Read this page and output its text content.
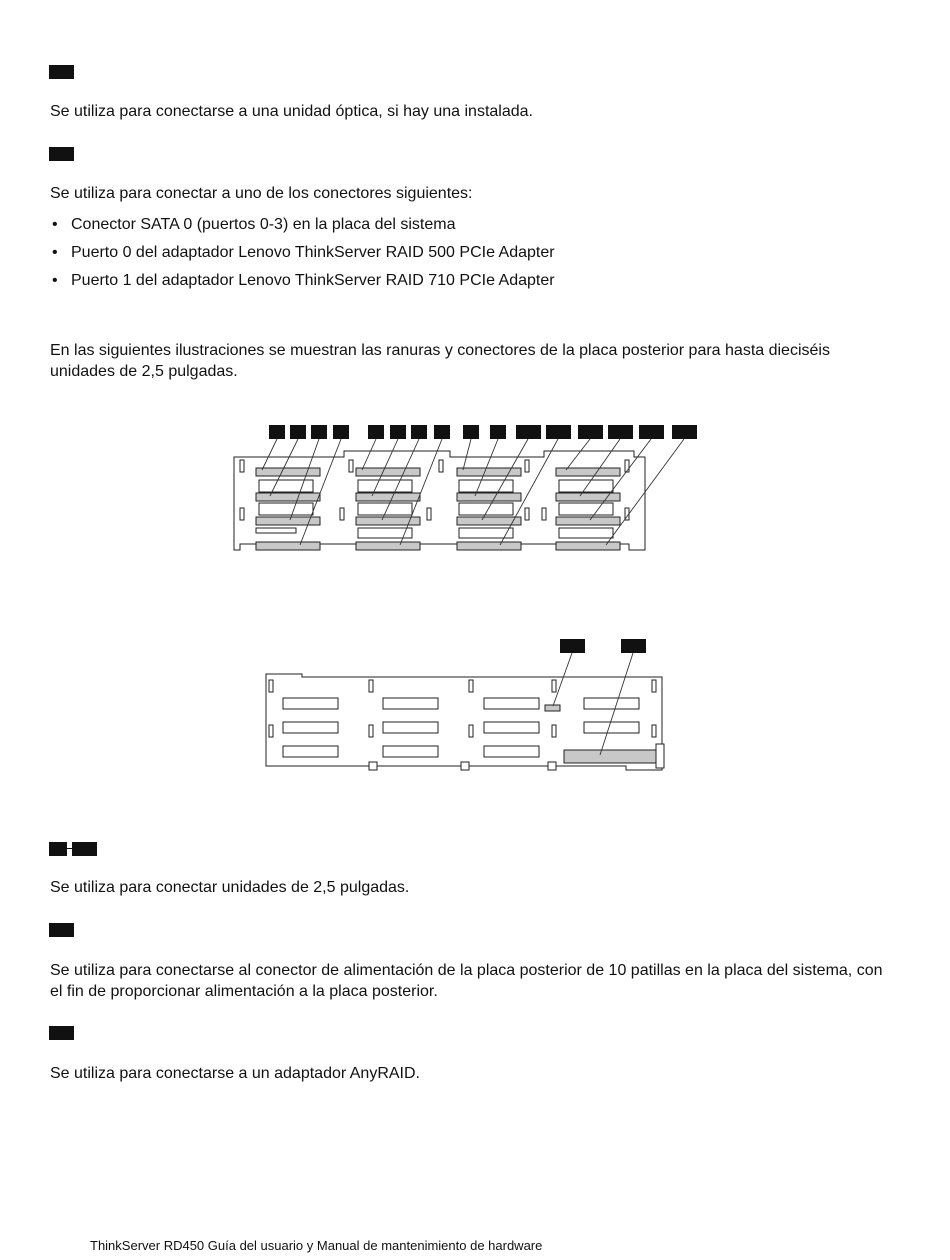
Se utiliza para conectarse a una unidad óptica, si hay una instalada.

Se utiliza para conectar a uno de los conectores siguientes:

• Conector SATA 0 (puertos 0-3) en la placa del sistema
• Puerto 0 del adaptador Lenovo ThinkServer RAID 500 PCIe Adapter
• Puerto 1 del adaptador Lenovo ThinkServer RAID 710 PCIe Adapter

En las siguientes ilustraciones se muestran las ranuras y conectores de la placa posterior para hasta dieciséis unidades de 2,5 pulgadas.

Se utiliza para conectar unidades de 2,5 pulgadas.

Se utiliza para conectarse al conector de alimentación de la placa posterior de 10 patillas en la placa del sistema, con el fin de proporcionar alimentación a la placa posterior.

Se utiliza para conectarse a un adaptador AnyRAID.

ThinkServer RD450 Guía del usuario y Manual de mantenimiento de hardware
